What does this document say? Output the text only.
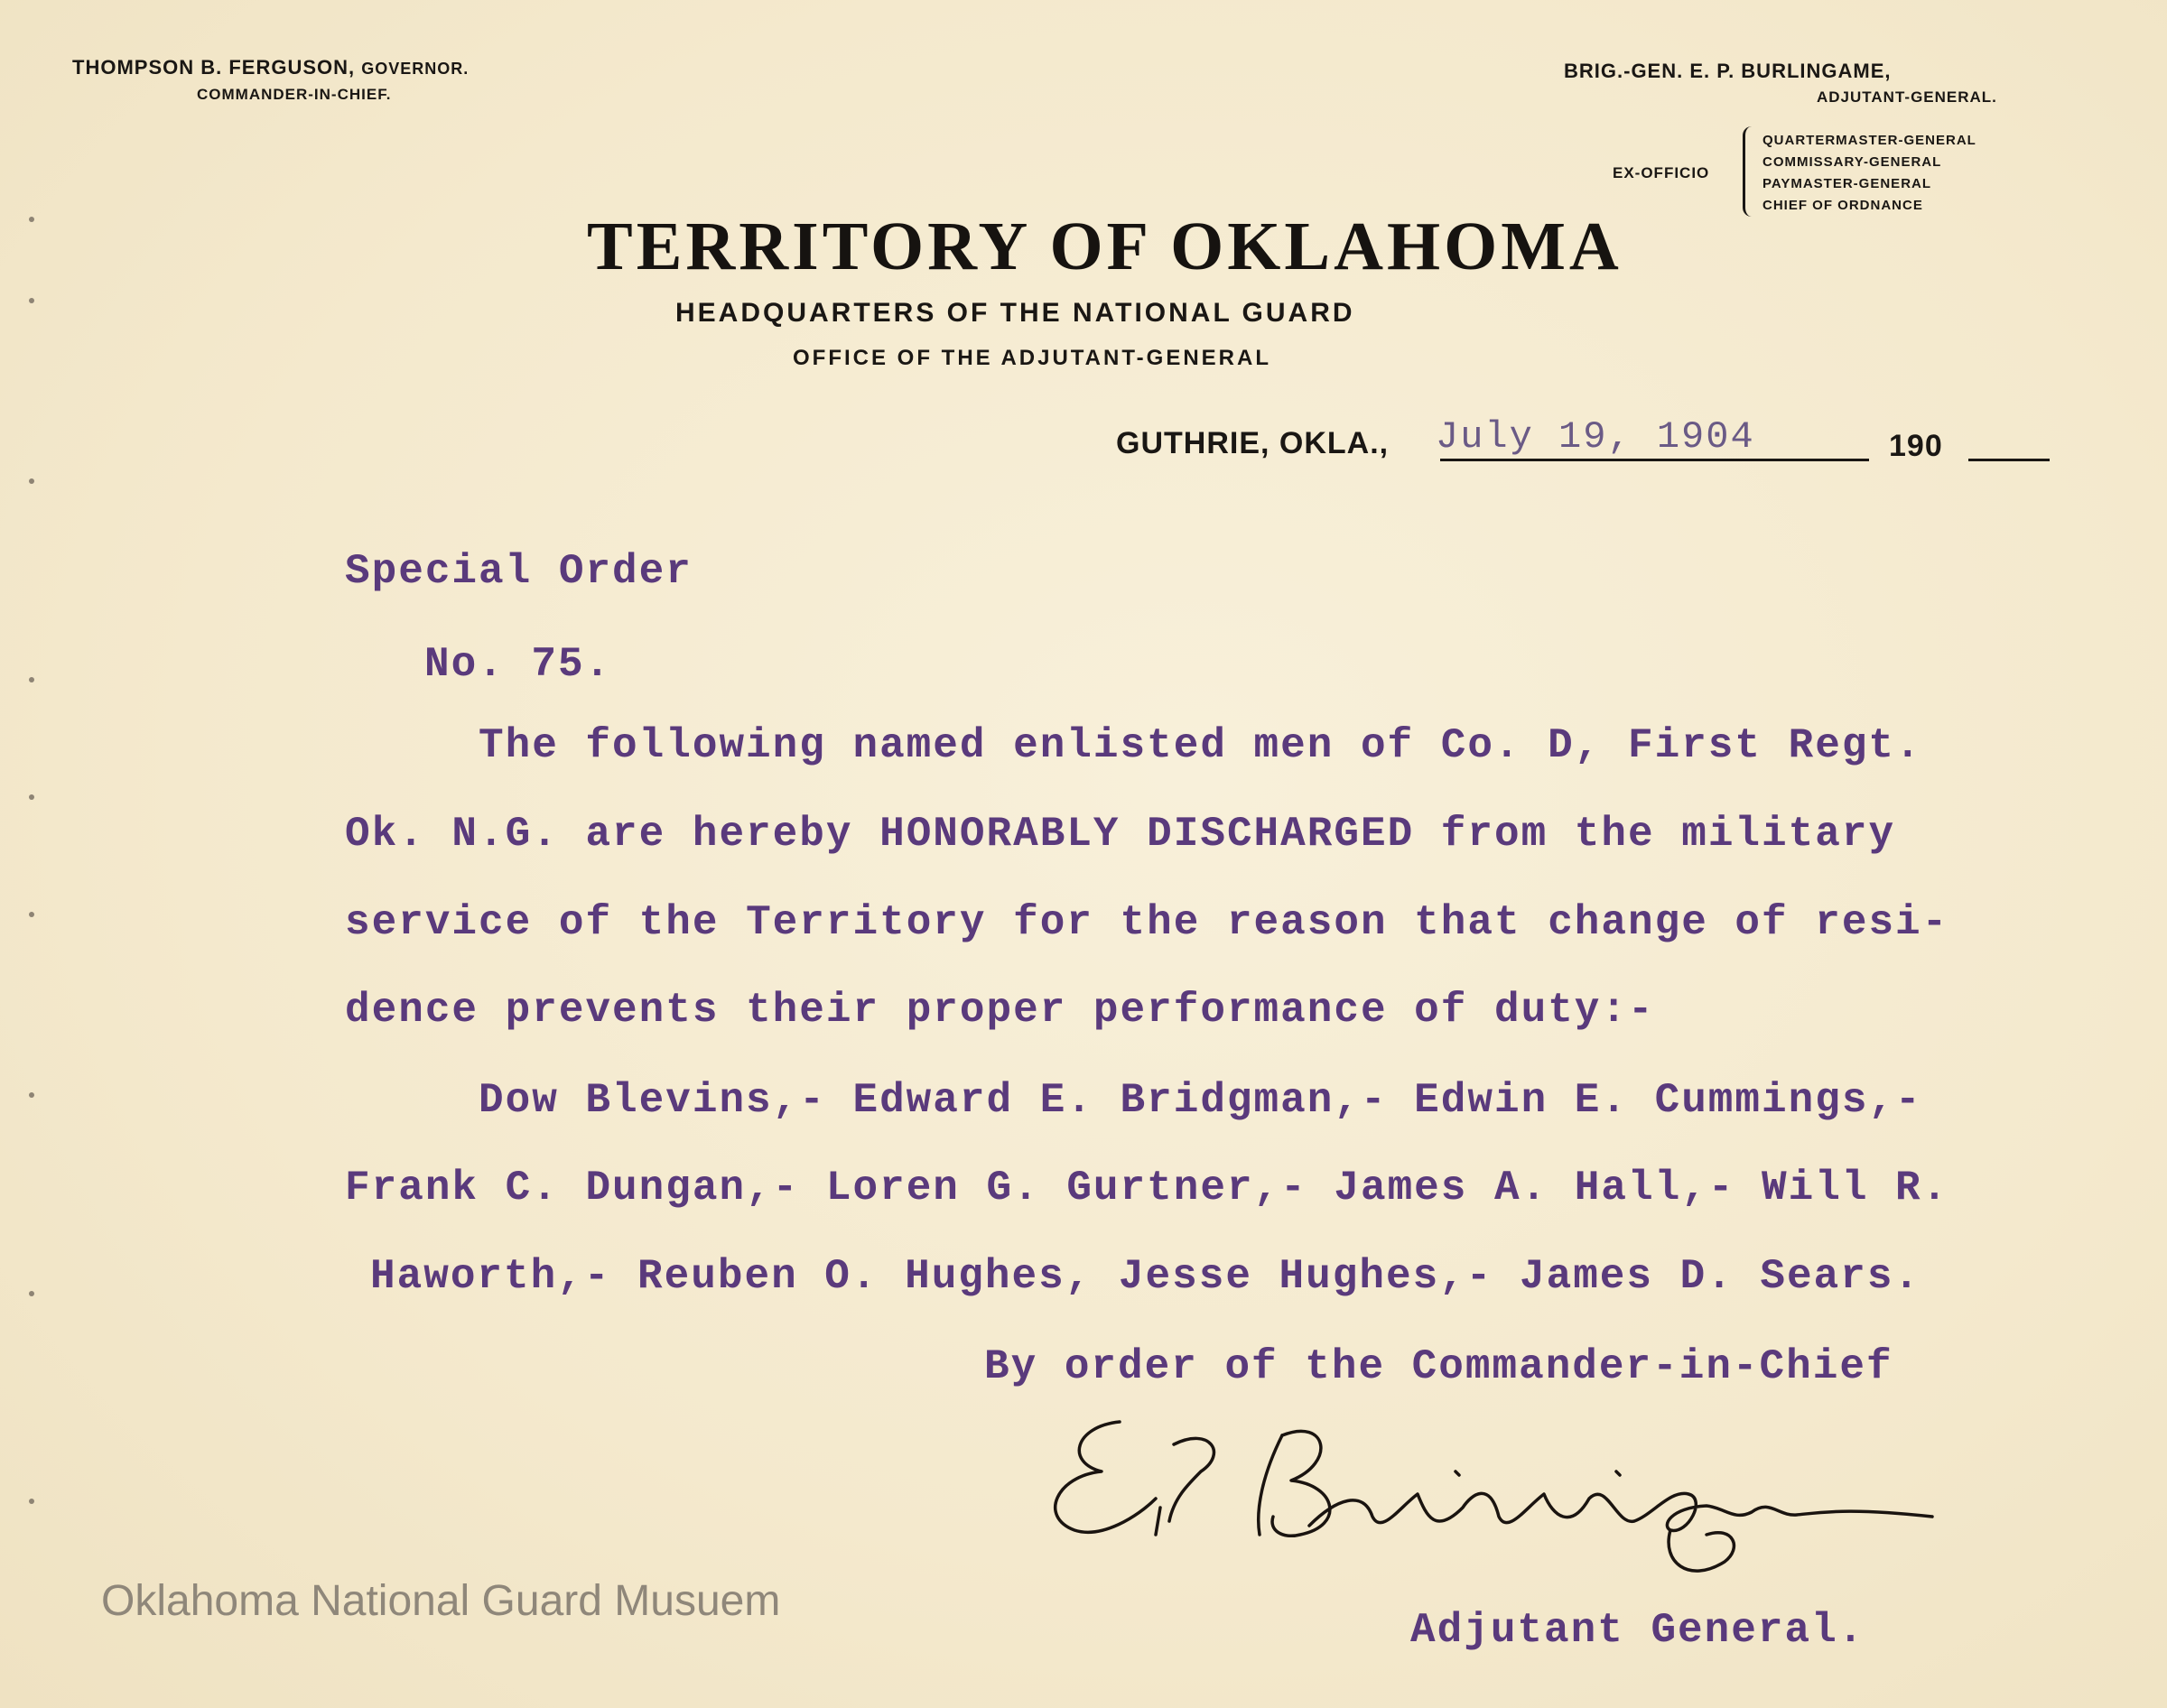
THOMPSON B. FERGUSON, GOVERNOR.
COMMANDER-IN-CHIEF.
BRIG.-GEN. E. P. BURLINGAME,
ADJUTANT-GENERAL.
EX-OFFICIO
QUARTERMASTER-GENERAL
COMMISSARY-GENERAL
PAYMASTER-GENERAL
CHIEF OF ORDNANCE
TERRITORY OF OKLAHOMA
HEADQUARTERS OF THE NATIONAL GUARD
OFFICE OF THE ADJUTANT-GENERAL
GUTHRIE, OKLA., July 19, 1904	190
Special Order
No. 75.
The following named enlisted men of Co. D, First Regt.
Ok. N.G. are hereby HONORABLY DISCHARGED from the military
service of the Territory for the reason that change of resi-
dence prevents their proper performance of duty:-
Dow Blevins,- Edward E. Bridgman,- Edwin E. Cummings,-
Frank C. Dungan,- Loren G. Gurtner,- James A. Hall,- Will R.
Haworth,- Reuben O. Hughes, Jesse Hughes,- James D. Sears.
By order of the Commander-in-Chief
Adjutant General.
Oklahoma National Guard Musuem
